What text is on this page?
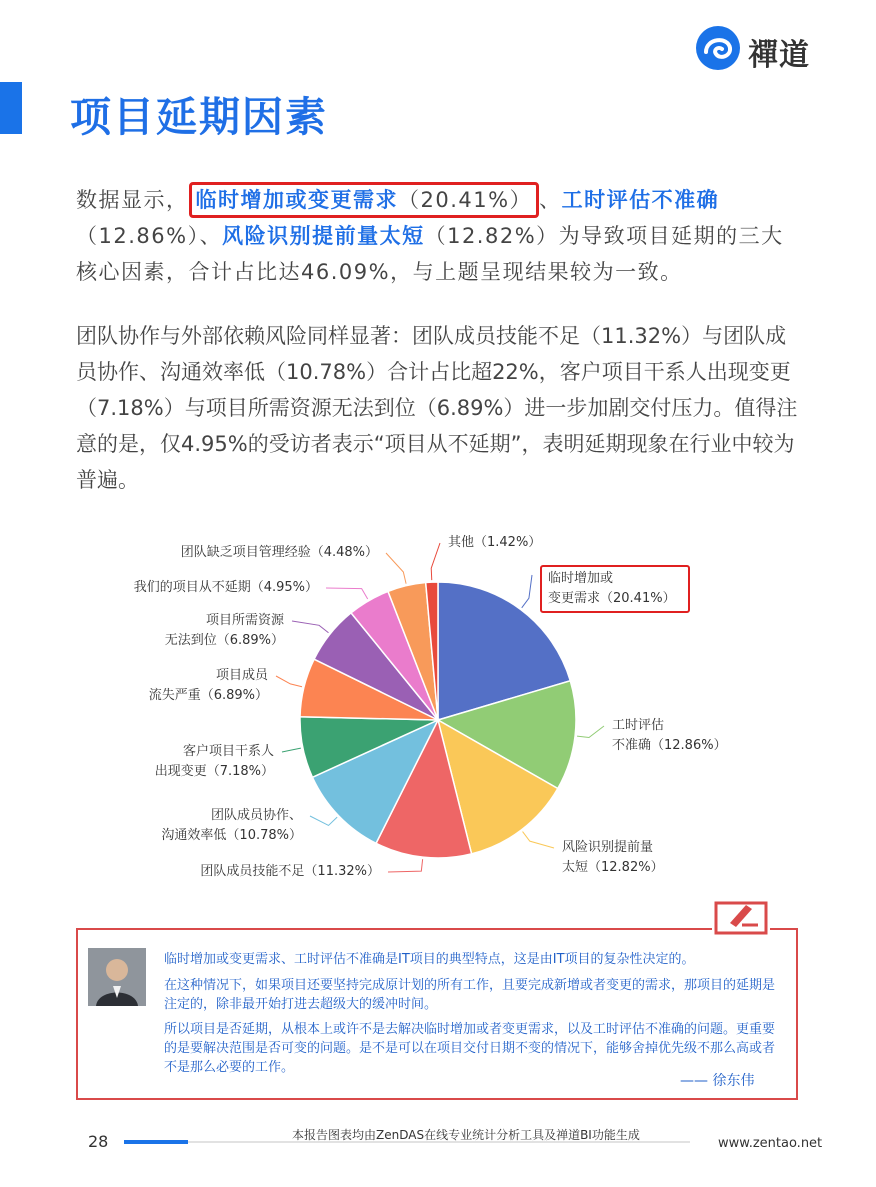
项目延期因素
禪道
数据显示， 临时增加或变更需求（20.41%） 、工时评估不准确（12.86%）、风险识别提前量太短（12.82%）为导致项目延期的三大核心因素，合计占比达46.09%，与上题呈现结果较为一致。
团队协作与外部依赖风险同样显著：团队成员技能不足（11.32%）与团队成员协作、沟通效率低（10.78%）合计占比超22%，客户项目干系人出现变更（7.18%）与项目所需资源无法到位（6.89%）进一步加剧交付压力。值得注意的是，仅4.95%的受访者表示“项目从不延期”，表明延期现象在行业中较为普遍。
临时增加或
变更需求（20.41%）
工时评估
不准确（12.86%）
风险识别提前量
太短（12.82%）
团队成员技能不足（11.32%）
团队成员协作、
沟通效率低（10.78%）
客户项目干系人
出现变更（7.18%）
项目成员
流失严重（6.89%）
项目所需资源
无法到位（6.89%）
我们的项目从不延期（4.95%）
团队缺乏项目管理经验（4.48%）
其他（1.42%）
临时增加或变更需求、工时评估不准确是IT项目的典型特点，这是由IT项目的复杂性决定的。
在这种情况下，如果项目还要坚持完成原计划的所有工作，且要完成新增或者变更的需求，那项目的延期是注定的，除非最开始打进去超级大的缓冲时间。
所以项目是否延期，从根本上或许不是去解决临时增加或者变更需求，以及工时评估不准确的问题。更重要的是要解决范围是否可变的问题。是不是可以在项目交付日期不变的情况下，能够舍掉优先级不那么高或者不是那么必要的工作。
—— 徐东伟
28	本报告图表均由ZenDAS在线专业统计分析工具及禅道BI功能生成
www.zentao.net
